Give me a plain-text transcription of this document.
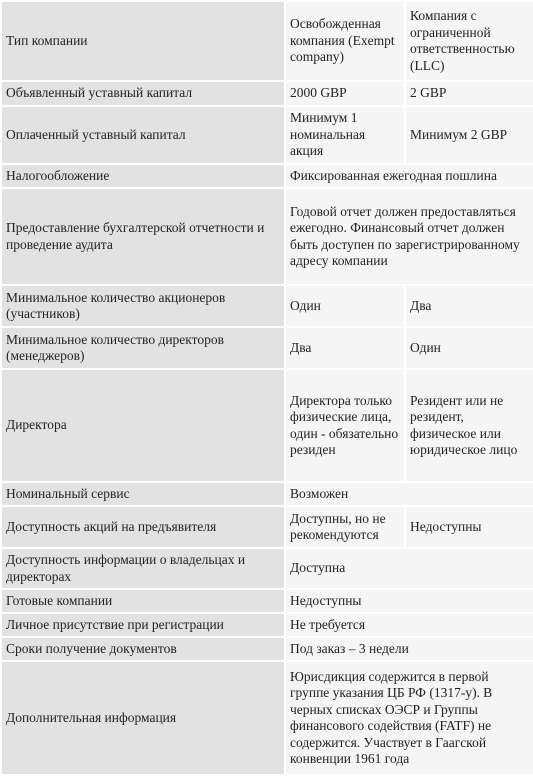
Тип компании	Освобожденная компания (Exempt company)	Компания с ограниченной ответственностью (LLC)
Объявленный уставный капитал	2000 GBP	2 GBP
Оплаченный уставный капитал	Минимум 1 номинальная акция	Минимум 2 GBP
Налогообложение	Фиксированная ежегодная пошлина	
Предоставление бухгалтерской отчетности и проведение аудита	Годовой отчет должен предоставляться ежегодно. Финансовый отчет должен быть доступен по зарегистрированному адресу компании	
Минимальное количество акционеров (участников)	Один	Два
Минимальное количество директоров (менеджеров)	Два	Один
Директора	Директора только физические лица, один - обязательно резиден	Резидент или не резидент, физическое или юридическое лицо
Номинальный сервис	Возможен	
Доступность акций на предъявителя	Доступны, но не рекомендуются	Недоступны
Доступность информации о владельцах и директорах	Доступна	
Готовые компании	Недоступны	
Личное присутствие при регистрации	Не требуется	
Сроки получение документов	Под заказ – 3 недели	
Дополнительная информация	Юрисдикция содержится в первой группе указания ЦБ РФ (1317-у). В черных списках ОЭСР и Группы финансового содействия (FATF) не содержится. Участвует в Гаагской конвенции 1961 года	
